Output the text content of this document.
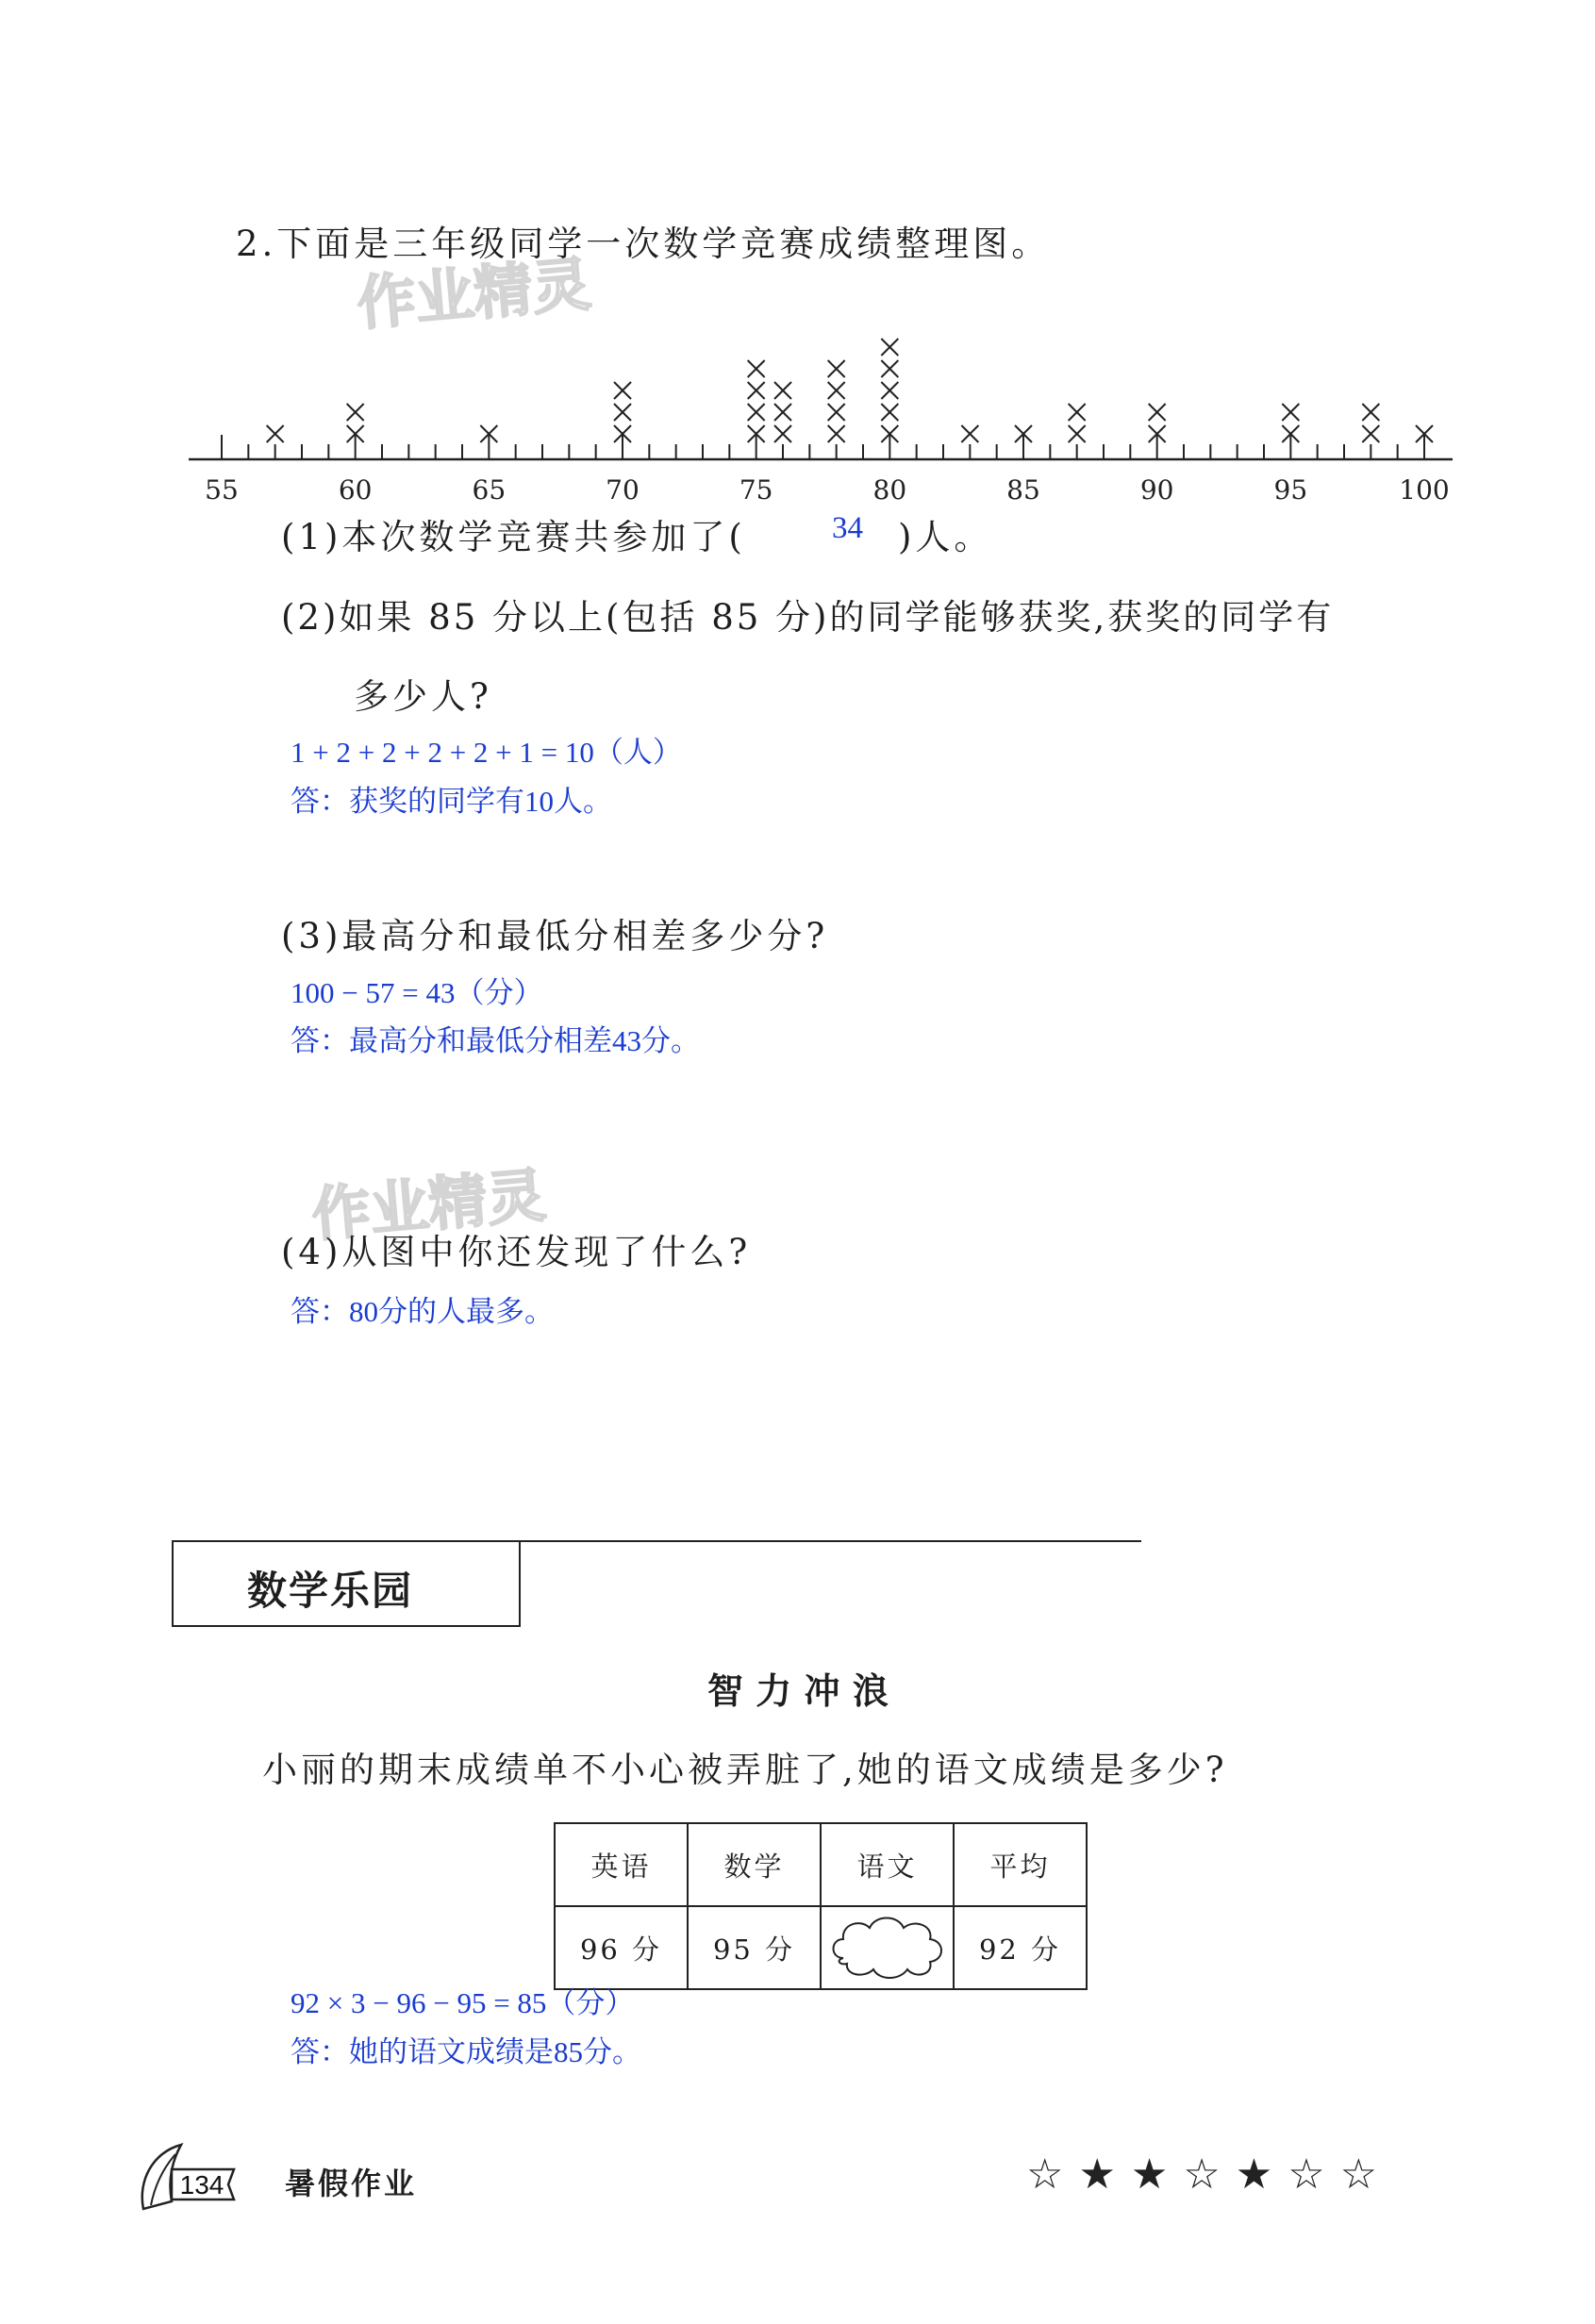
2.下面是三年级同学一次数学竞赛成绩整理图。
作业精灵
55	60	65	70	75	80	85	90	95	100
(1)本次数学竞赛共参加了(	34 )人。
(2)如果 85 分以上(包括 85 分)的同学能够获奖,获奖的同学有
多少人?
1 + 2 + 2 + 2 + 2 + 1 = 10（人）
答：获奖的同学有10人。
(3)最高分和最低分相差多少分?
100 − 57 = 43（分）
答：最高分和最低分相差43分。
作业精灵
(4)从图中你还发现了什么?
答：80分的人最多。
数学乐园
智 力 冲 浪
小丽的期末成绩单不小心被弄脏了,她的语文成绩是多少?
英语	数学	语文	平均
96 分	95 分		92 分
92 × 3 − 96 − 95 = 85（分）
答：她的语文成绩是85分。
134 暑假作业	☆★★☆★☆☆
